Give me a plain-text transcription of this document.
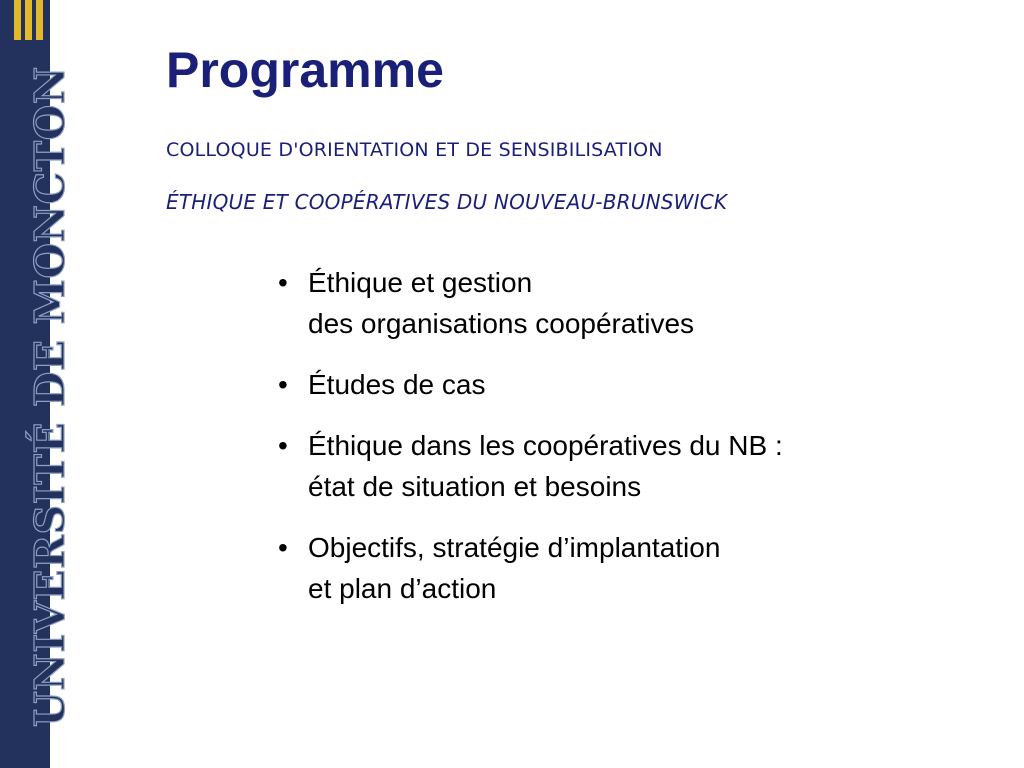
UNIVERSITÉ DE MONCTON Programme

COLLOQUE D'ORIENTATION ET DE SENSIBILISATION

ÉTHIQUE ET COOPÉRATIVES DU NOUVEAU-BRUNSWICK

• Éthique et gestion
des organisations coopératives
• Études de cas
• Éthique dans les coopératives du NB :
état de situation et besoins
• Objectifs, stratégie d’implantation
et plan d’action
